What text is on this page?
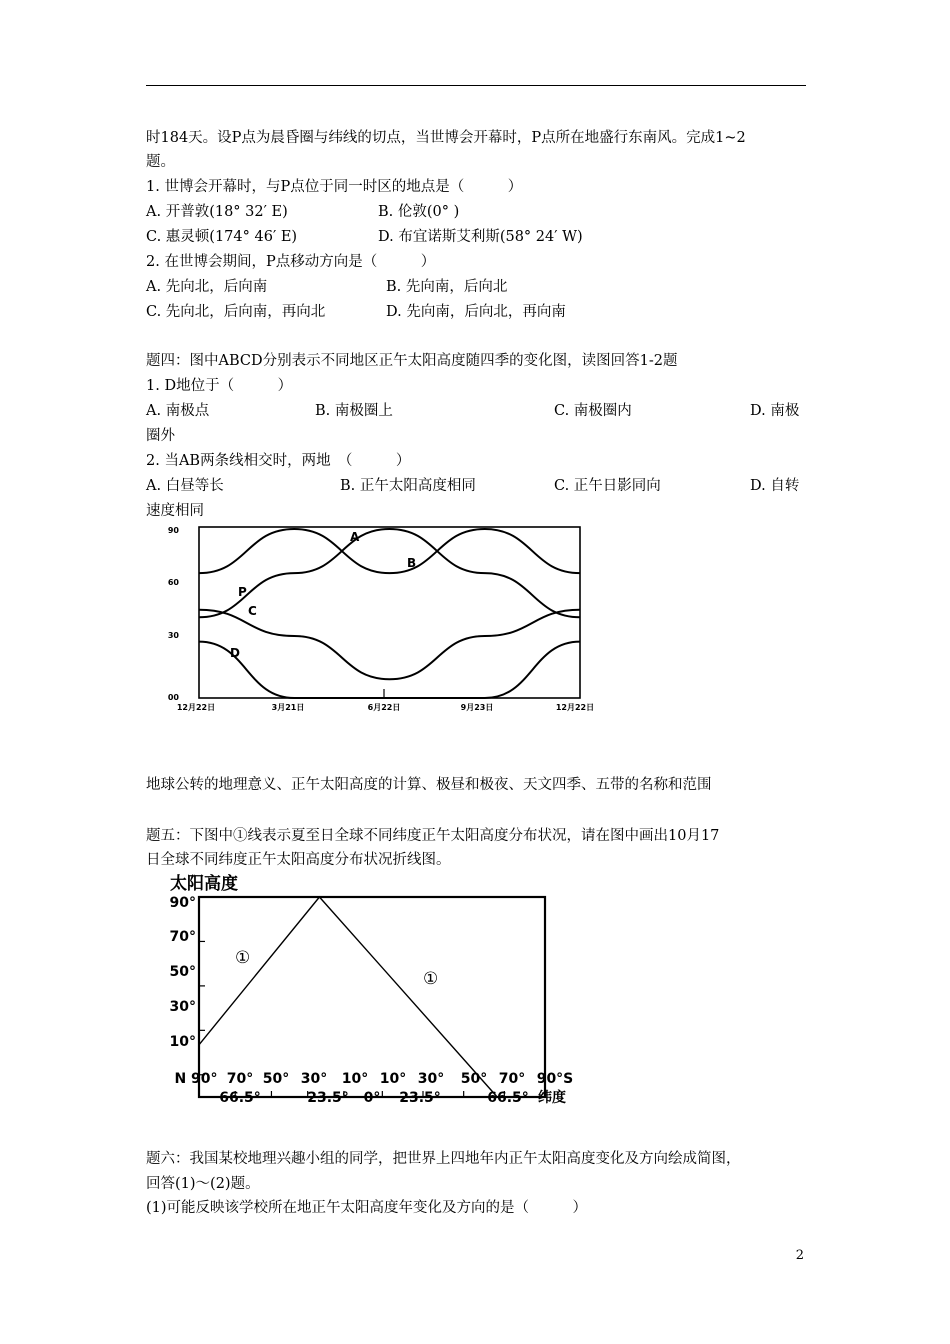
时184天。设P点为晨昏圈与纬线的切点，当世博会开幕时，P点所在地盛行东南风。完成1~2
题。
1. 世博会开幕时，与P点位于同一时区的地点是（　　　）
A. 开普敦(18° 32′ E)	B. 伦敦(0° )
C. 惠灵顿(174° 46′ E)	D. 布宜诺斯艾利斯(58° 24′ W)
2. 在世博会期间，P点移动方向是（　　　）
A. 先向北，后向南	B. 先向南，后向北
C. 先向北，后向南，再向北	D. 先向南，后向北，再向南
题四：图中ABCD分别表示不同地区正午太阳高度随四季的变化图，读图回答1-2题
1. D地位于（　　　）
A. 南极点	B. 南极圈上	C. 南极圈内	D. 南极
圈外
2. 当AB两条线相交时，两地　（　　　）
A. 白昼等长	B. 正午太阳高度相同	C. 正午日影同向	D. 自转
速度相同
90
60
30
00
12月22日	3月21日	6月22日	9月23日	12月22日
A
B
C
D
P
地球公转的地理意义、正午太阳高度的计算、极昼和极夜、天文四季、五带的名称和范围
题五：下图中①线表示夏至日全球不同纬度正午太阳高度分布状况，请在图中画出10月17
日全球不同纬度正午太阳高度分布状况折线图。
太阳高度
90°
70°
50°
30°
10°
N 90° 70° 50° 30° 10° 10° 30° 50° 70° 90°S
66.5°	23.5° 0° 23.5°	66.5° 纬度
①
①
题六：我国某校地理兴趣小组的同学，把世界上四地年内正午太阳高度变化及方向绘成简图，
回答(1)～(2)题。
(1)可能反映该学校所在地正午太阳高度年变化及方向的是（　　　）
2
